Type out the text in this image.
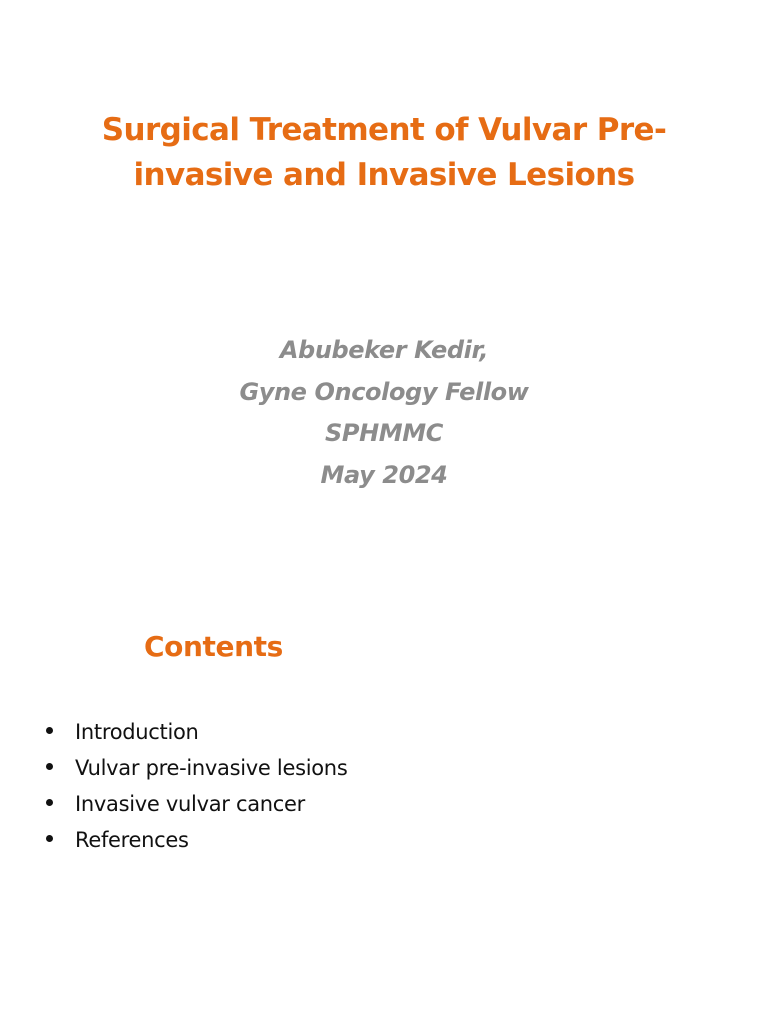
Surgical Treatment of Vulvar Pre-invasive and Invasive Lesions
Abubeker Kedir,
Gyne Oncology Fellow
SPHMMC
May 2024
Contents
Introduction
Vulvar pre-invasive lesions
Invasive vulvar cancer
References
